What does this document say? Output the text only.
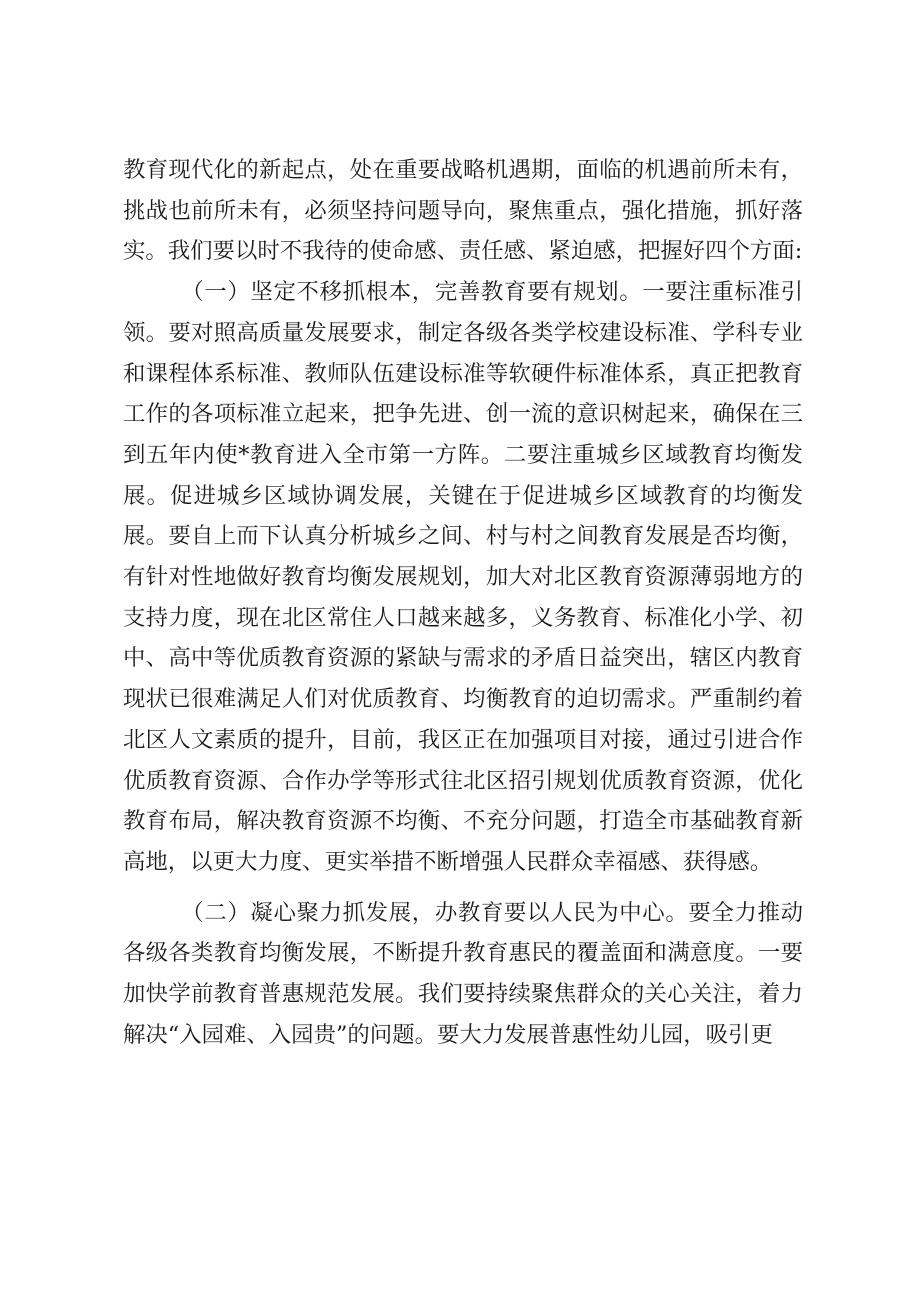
教育现代化的新起点，处在重要战略机遇期，面临的机遇前所未有，挑战也前所未有，必须坚持问题导向，聚焦重点，强化措施，抓好落实。我们要以时不我待的使命感、责任感、紧迫感，把握好四个方面:

（一）坚定不移抓根本，完善教育要有规划。一要注重标准引领。要对照高质量发展要求，制定各级各类学校建设标准、学科专业和课程体系标准、教师队伍建设标准等软硬件标准体系，真正把教育工作的各项标准立起来，把争先进、创一流的意识树起来，确保在三到五年内使*教育进入全市第一方阵。二要注重城乡区域教育均衡发展。促进城乡区域协调发展，关键在于促进城乡区域教育的均衡发展。要自上而下认真分析城乡之间、村与村之间教育发展是否均衡，有针对性地做好教育均衡发展规划，加大对北区教育资源薄弱地方的支持力度，现在北区常住人口越来越多，义务教育、标准化小学、初中、高中等优质教育资源的紧缺与需求的矛盾日益突出，辖区内教育现状已很难满足人们对优质教育、均衡教育的迫切需求。严重制约着北区人文素质的提升，目前，我区正在加强项目对接，通过引进合作优质教育资源、合作办学等形式往北区招引规划优质教育资源，优化教育布局，解决教育资源不均衡、不充分问题，打造全市基础教育新高地，以更大力度、更实举措不断增强人民群众幸福感、获得感。

（二）凝心聚力抓发展，办教育要以人民为中心。要全力推动各级各类教育均衡发展，不断提升教育惠民的覆盖面和满意度。一要加快学前教育普惠规范发展。我们要持续聚焦群众的关心关注，着力解决“入园难、入园贵”的问题。要大力发展普惠性幼儿园，吸引更
